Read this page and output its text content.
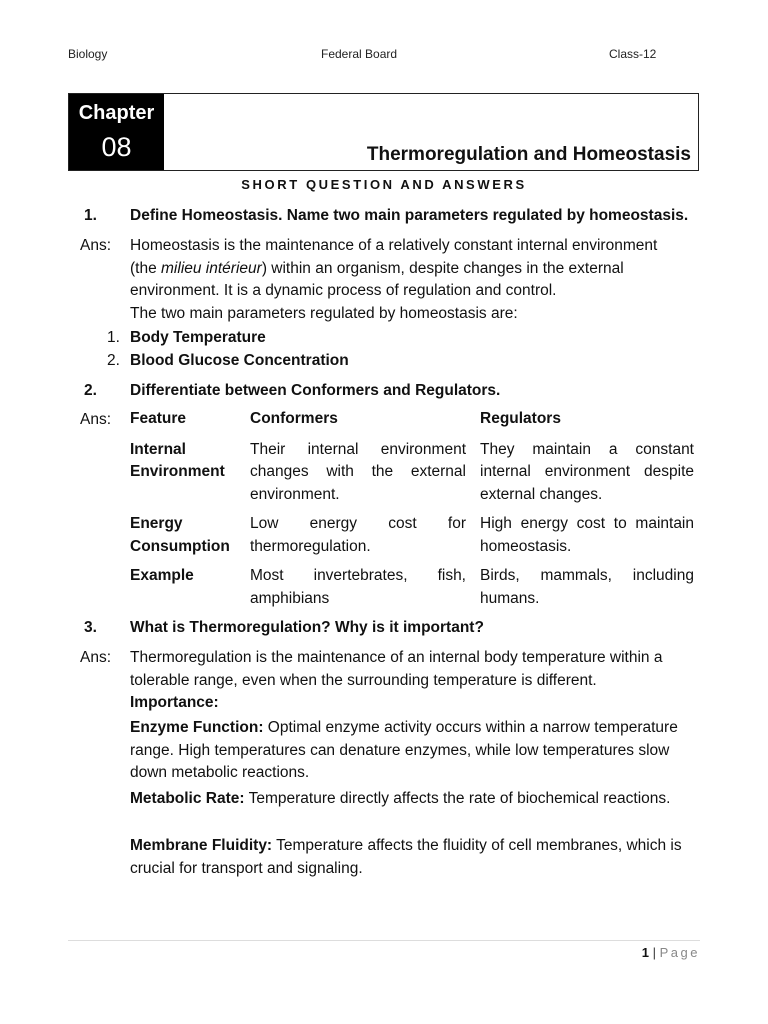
Biology	Federal Board	Class-12
Chapter
08	Thermoregulation and Homeostasis
SHORT QUESTION AND ANSWERS
1. Define Homeostasis. Name two main parameters regulated by homeostasis.
Ans: Homeostasis is the maintenance of a relatively constant internal environment

(the milieu intérieur) within an organism, despite changes in the external

environment. It is a dynamic process of regulation and control.

The two main parameters regulated by homeostasis are:

1. Body Temperature
2. Blood Glucose Concentration
2. Differentiate between Conformers and Regulators.
Ans: Feature	Conformers	Regulators
Internal Environment	Their internal environment changes with the external environment.	They maintain a constant internal environment despite external changes.
Energy Consumption	Low energy cost for thermoregulation.	High energy cost to maintain homeostasis.
Example	Most invertebrates, fish, amphibians	Birds, mammals, including humans.
3. What is Thermoregulation? Why is it important?
Ans: Thermoregulation is the maintenance of an internal body temperature within a tolerable range, even when the surrounding temperature is different.

Importance:

Enzyme Function: Optimal enzyme activity occurs within a narrow temperature range. High temperatures can denature enzymes, while low temperatures slow down metabolic reactions.
Metabolic Rate: Temperature directly affects the rate of biochemical reactions.
Membrane Fluidity: Temperature affects the fluidity of cell membranes, which is crucial for transport and signaling.
1 | Page
